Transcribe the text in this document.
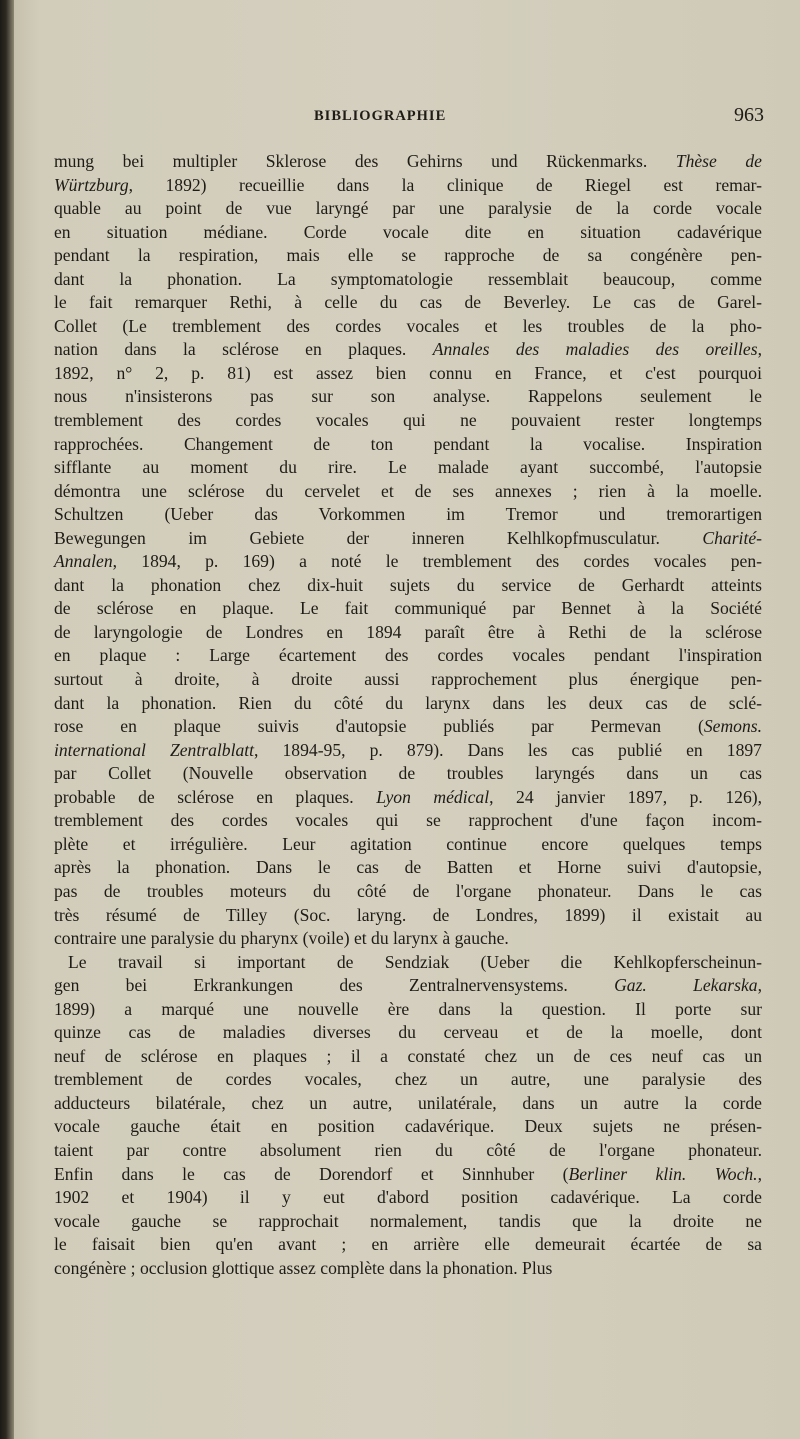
BIBLIOGRAPHIE	963
mung bei multipler Sklerose des Gehirns und Rückenmarks. Thèse de
Würtzburg, 1892) recueillie dans la clinique de Riegel est remar-
quable au point de vue laryngé par une paralysie de la corde vocale
en situation médiane. Corde vocale dite en situation cadavérique
pendant la respiration, mais elle se rapproche de sa congénère pen-
dant la phonation. La symptomatologie ressemblait beaucoup, comme
le fait remarquer Rethi, à celle du cas de Beverley. Le cas de Garel-
Collet (Le tremblement des cordes vocales et les troubles de la pho-
nation dans la sclérose en plaques. Annales des maladies des oreilles,
1892, n° 2, p. 81) est assez bien connu en France, et c'est pourquoi
nous n'insisterons pas sur son analyse. Rappelons seulement le
tremblement des cordes vocales qui ne pouvaient rester longtemps
rapprochées. Changement de ton pendant la vocalise. Inspiration
sifflante au moment du rire. Le malade ayant succombé, l'autopsie
démontra une sclérose du cervelet et de ses annexes ; rien à la moelle.
Schultzen (Ueber das Vorkommen im Tremor und tremorartigen
Bewegungen im Gebiete der inneren Kelhlkopfmusculatur. Charité-
Annalen, 1894, p. 169) a noté le tremblement des cordes vocales pen-
dant la phonation chez dix-huit sujets du service de Gerhardt atteints
de sclérose en plaque. Le fait communiqué par Bennet à la Société
de laryngologie de Londres en 1894 paraît être à Rethi de la sclérose
en plaque : Large écartement des cordes vocales pendant l'inspiration
surtout à droite, à droite aussi rapprochement plus énergique pen-
dant la phonation. Rien du côté du larynx dans les deux cas de sclé-
rose en plaque suivis d'autopsie publiés par Permevan (Semons.
international Zentralblatt, 1894-95, p. 879). Dans les cas publié en 1897
par Collet (Nouvelle observation de troubles laryngés dans un cas
probable de sclérose en plaques. Lyon médical, 24 janvier 1897, p. 126),
tremblement des cordes vocales qui se rapprochent d'une façon incom-
plète et irrégulière. Leur agitation continue encore quelques temps
après la phonation. Dans le cas de Batten et Horne suivi d'autopsie,
pas de troubles moteurs du côté de l'organe phonateur. Dans le cas
très résumé de Tilley (Soc. laryng. de Londres, 1899) il existait au
contraire une paralysie du pharynx (voile) et du larynx à gauche.
Le travail si important de Sendziak (Ueber die Kehlkopferscheinun-
gen bei Erkrankungen des Zentralnervensystems. Gaz. Lekarska,
1899) a marqué une nouvelle ère dans la question. Il porte sur
quinze cas de maladies diverses du cerveau et de la moelle, dont
neuf de sclérose en plaques ; il a constaté chez un de ces neuf cas un
tremblement de cordes vocales, chez un autre, une paralysie des
adducteurs bilatérale, chez un autre, unilatérale, dans un autre la corde
vocale gauche était en position cadavérique. Deux sujets ne présen-
taient par contre absolument rien du côté de l'organe phonateur.
Enfin dans le cas de Dorendorf et Sinnhuber (Berliner klin. Woch.,
1902 et 1904) il y eut d'abord position cadavérique. La corde
vocale gauche se rapprochait normalement, tandis que la droite ne
le faisait bien qu'en avant ; en arrière elle demeurait écartée de sa
congénère ; occlusion glottique assez complète dans la phonation. Plus
